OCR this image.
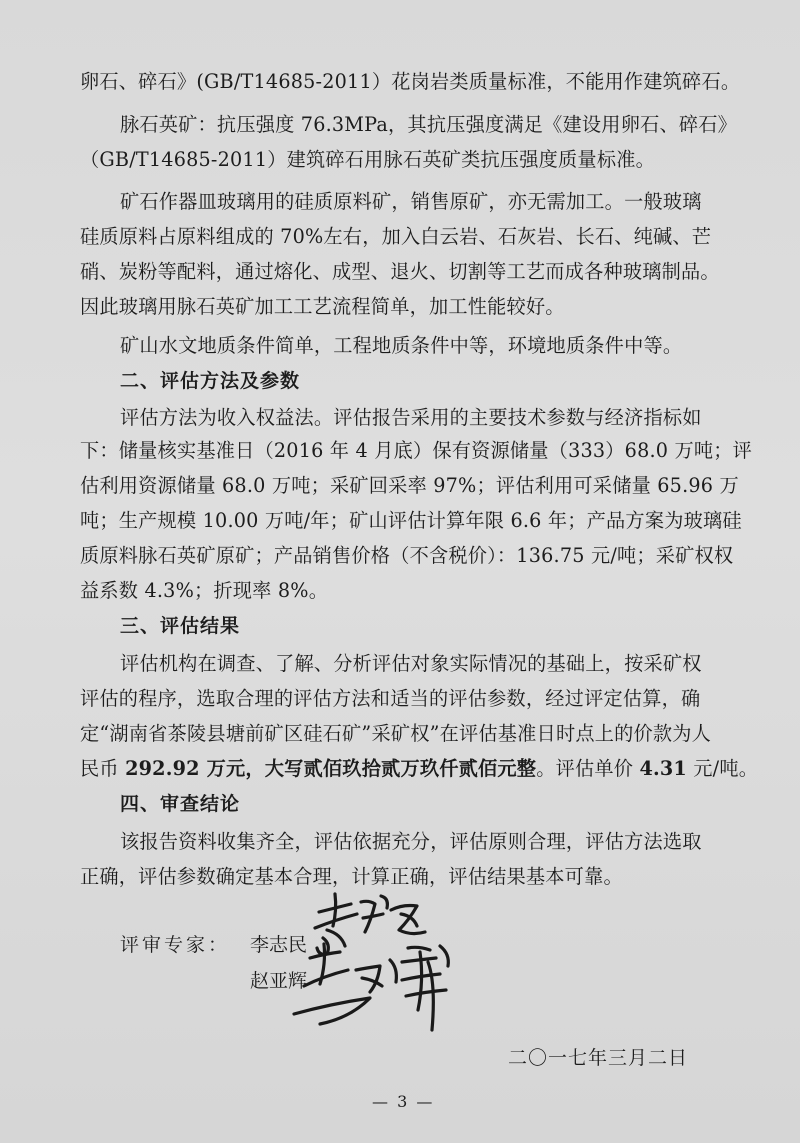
卵石、碎石》(GB/T14685-2011）花岗岩类质量标准，不能用作建筑碎石。
脉石英矿：抗压强度 76.3MPa，其抗压强度满足《建设用卵石、碎石》
（GB/T14685-2011）建筑碎石用脉石英矿类抗压强度质量标准。
矿石作器皿玻璃用的硅质原料矿，销售原矿，亦无需加工。一般玻璃
硅质原料占原料组成的 70%左右，加入白云岩、石灰岩、长石、纯碱、芒
硝、炭粉等配料，通过熔化、成型、退火、切割等工艺而成各种玻璃制品。
因此玻璃用脉石英矿加工工艺流程简单，加工性能较好。
矿山水文地质条件简单，工程地质条件中等，环境地质条件中等。
二、评估方法及参数
评估方法为收入权益法。评估报告采用的主要技术参数与经济指标如
下：储量核实基准日（2016 年 4 月底）保有资源储量（333）68.0 万吨；评
估利用资源储量 68.0 万吨；采矿回采率 97%；评估利用可采储量 65.96 万
吨；生产规模 10.00 万吨/年；矿山评估计算年限 6.6 年；产品方案为玻璃硅
质原料脉石英矿原矿；产品销售价格（不含税价）：136.75 元/吨；采矿权权
益系数 4.3%；折现率 8%。
三、评估结果
评估机构在调查、了解、分析评估对象实际情况的基础上，按采矿权
评估的程序，选取合理的评估方法和适当的评估参数，经过评定估算，确
定“湖南省茶陵县塘前矿区硅石矿”采矿权”在评估基准日时点上的价款为人
民币 292.92 万元，大写贰佰玖拾贰万玖仟贰佰元整。评估单价 4.31 元/吨。
四、审查结论
该报告资料收集齐全，评估依据充分，评估原则合理，评估方法选取
正确，评估参数确定基本合理，计算正确，评估结果基本可靠。
评审专家： 李志民
赵亚辉
二〇一七年三月二日
— 3 —
